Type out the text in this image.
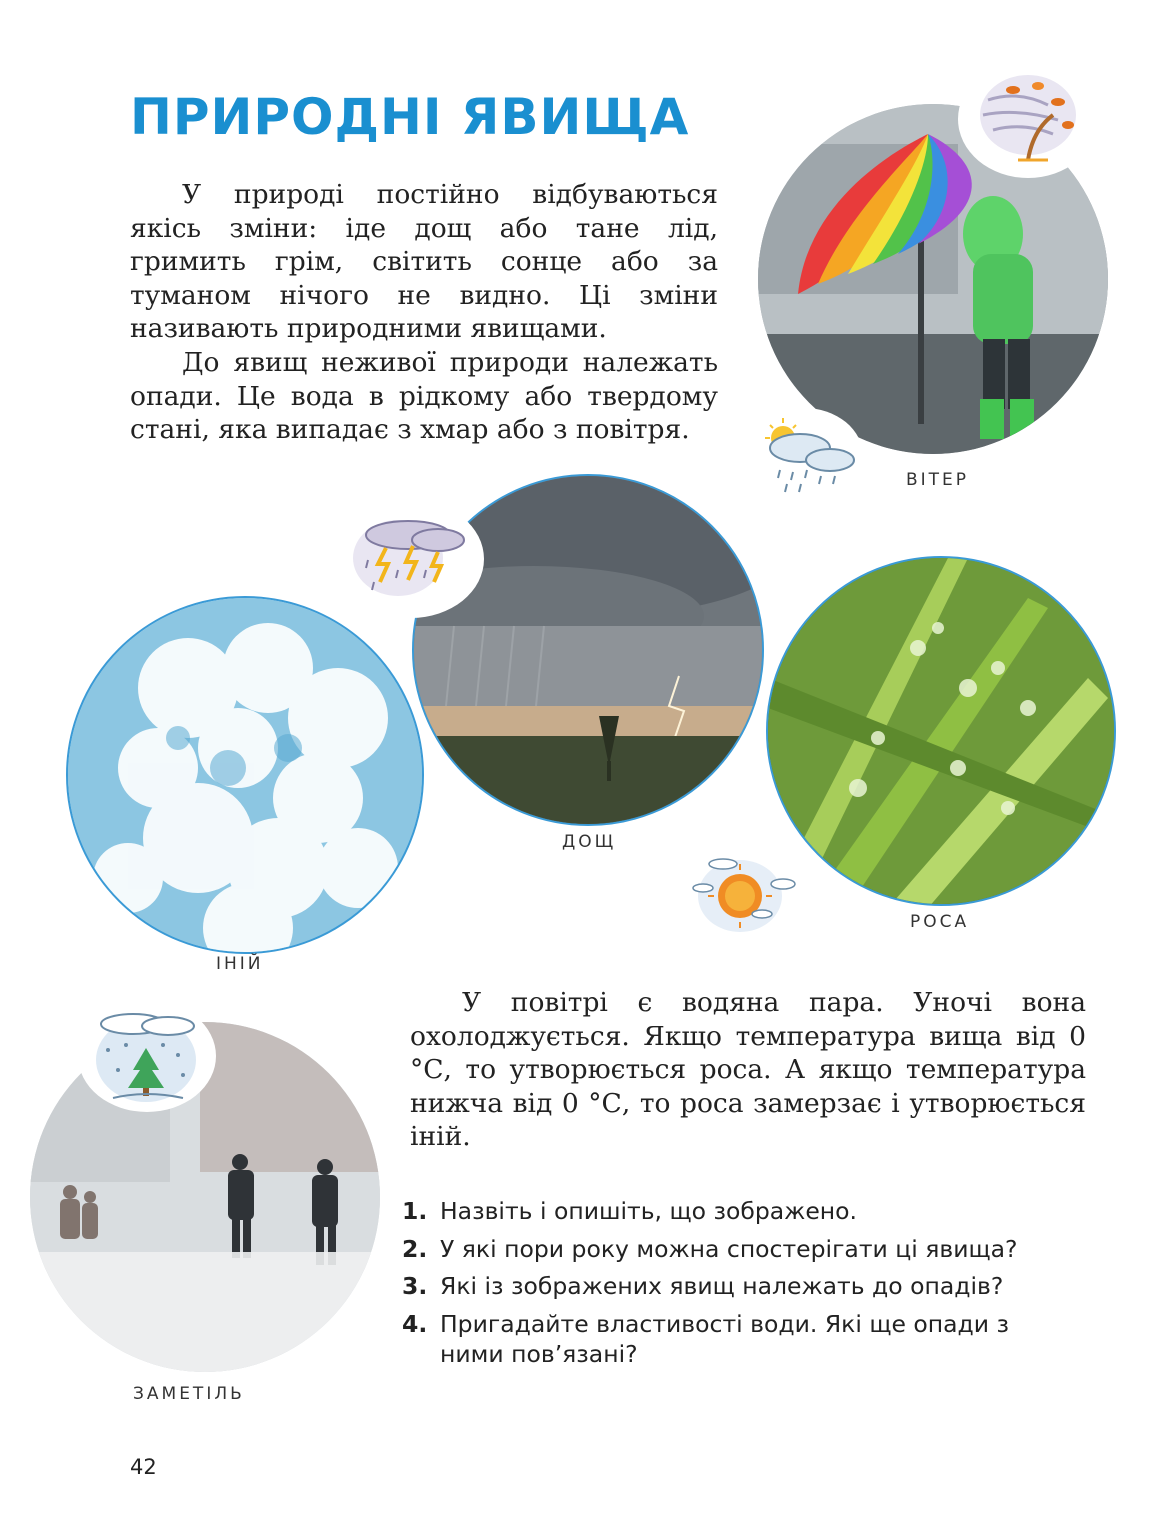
ПРИРОДНІ ЯВИЩА
У природі постійно відбуваються якісь зміни: іде дощ або тане лід, гримить грім, світить сонце або за туманом нічого не видно. Ці зміни називають природними явищами.
До явищ неживої природи належать опади. Це вода в рідкому або твердому стані, яка випадає з хмар або з повітря.
ВІТЕР
ДОЩ
РОСА
ІНІЙ
У повітрі є водяна пара. Уночі вона охолоджується. Якщо температура вища від 0 °С, то утворюється роса. А якщо температура нижча від 0 °С, то роса замерзає і утворюється іній.
ЗАМЕТІЛЬ
1. Назвіть і опишіть, що зображено.
2. У які пори року можна спостерігати ці явища?
3. Які із зображених явищ належать до опадів?
4. Пригадайте властивості води. Які ще опади з ними пов’язані?
42
